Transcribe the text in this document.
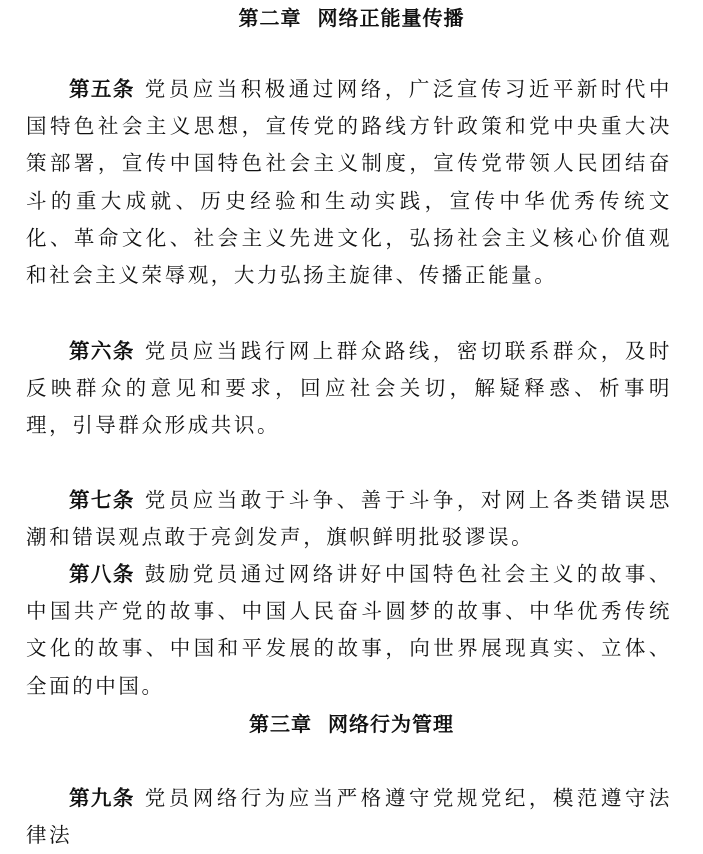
第二章  网络正能量传播

第五条 党员应当积极通过网络，广泛宣传习近平新时代中国特色社会主义思想，宣传党的路线方针政策和党中央重大决策部署，宣传中国特色社会主义制度，宣传党带领人民团结奋斗的重大成就、历史经验和生动实践，宣传中华优秀传统文化、革命文化、社会主义先进文化，弘扬社会主义核心价值观和社会主义荣辱观，大力弘扬主旋律、传播正能量。

第六条 党员应当践行网上群众路线，密切联系群众，及时反映群众的意见和要求，回应社会关切，解疑释惑、析事明理，引导群众形成共识。

第七条 党员应当敢于斗争、善于斗争，对网上各类错误思潮和错误观点敢于亮剑发声，旗帜鲜明批驳谬误。

第八条 鼓励党员通过网络讲好中国特色社会主义的故事、中国共产党的故事、中国人民奋斗圆梦的故事、中华优秀传统文化的故事、中国和平发展的故事，向世界展现真实、立体、全面的中国。

第三章  网络行为管理

第九条 党员网络行为应当严格遵守党规党纪，模范遵守法律法
